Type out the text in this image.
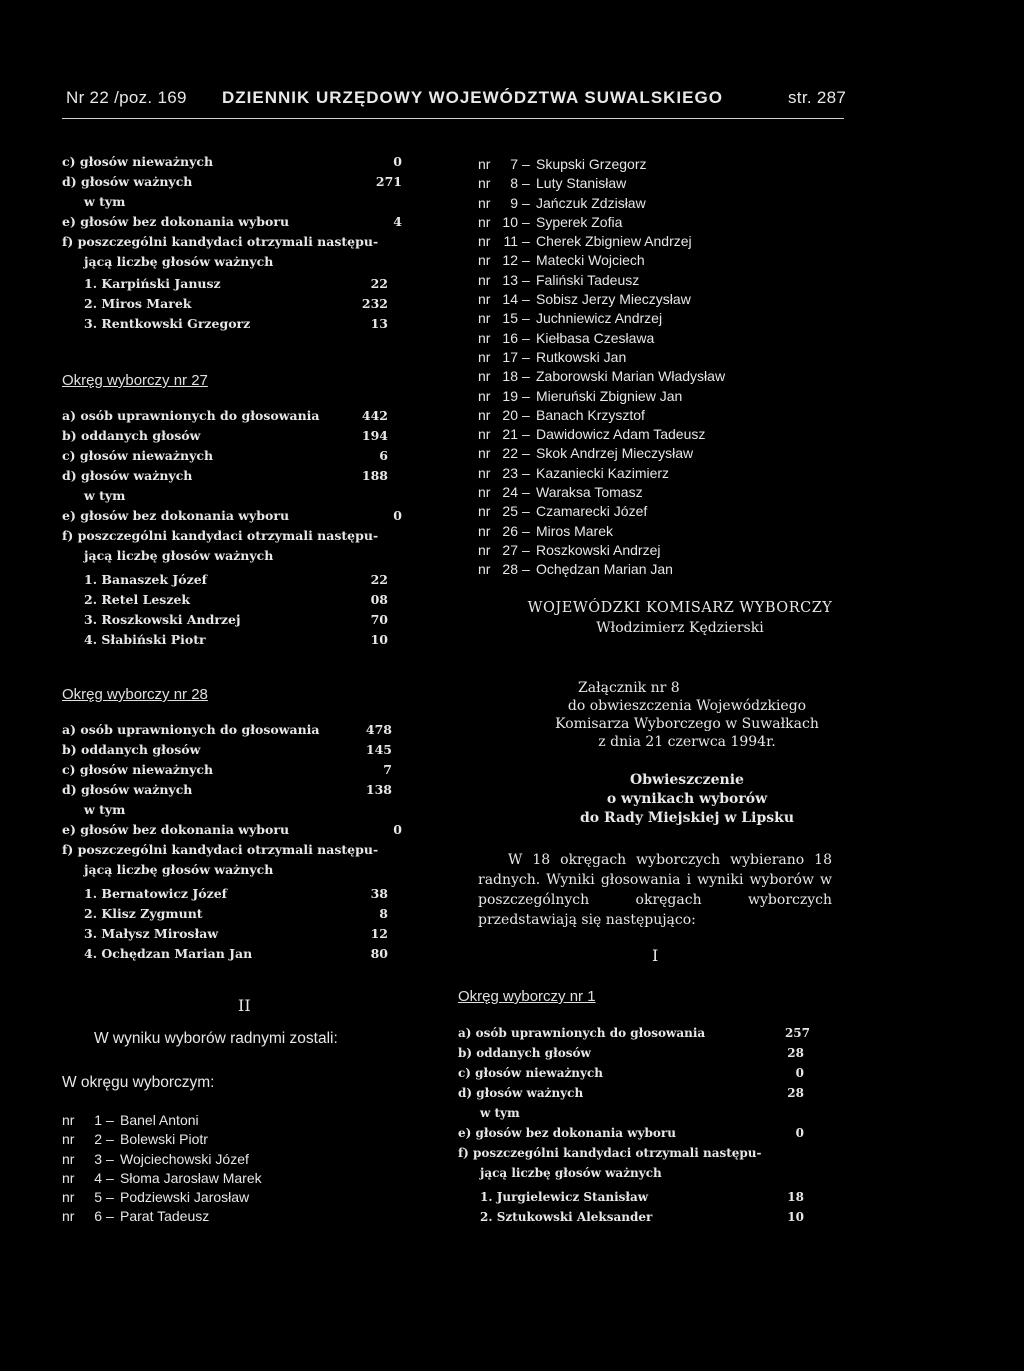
Nr 22 /poz. 169 DZIENNIK URZĘDOWY WOJEWÓDZTWA SUWALSKIEGO	str. 287
c) głosów nieważnych	0
d) głosów ważnych	271
w tym
e) głosów bez dokonania wyboru	4
f) poszczególni kandydaci otrzymali następu-
jącą liczbę głosów ważnych
1. Karpiński Janusz	22
2. Miros Marek	232
3. Rentkowski Grzegorz	13
Okręg wyborczy nr 27
a) osób uprawnionych do głosowania	442
b) oddanych głosów	194
c) głosów nieważnych	6
d) głosów ważnych	188
w tym
e) głosów bez dokonania wyboru	0
f) poszczególni kandydaci otrzymali następu-
jącą liczbę głosów ważnych
1. Banaszek Józef	22
2. Retel Leszek	08
3. Roszkowski Andrzej	70
4. Słabiński Piotr	10
Okręg wyborczy nr 28
a) osób uprawnionych do głosowania	478
b) oddanych głosów	145
c) głosów nieważnych	7
d) głosów ważnych	138
w tym
e) głosów bez dokonania wyboru	0
f) poszczególni kandydaci otrzymali następu-
jącą liczbę głosów ważnych
1. Bernatowicz Józef	38
2. Klisz Zygmunt	8
3. Małysz Mirosław	12
4. Ochędzan Marian Jan	80
II
W wyniku wyborów radnymi zostali:
W okręgu wyborczym:
nr	1 – Banel Antoni
nr	2 – Bolewski Piotr
nr	3 – Wojciechowski Józef
nr	4 – Słoma Jarosław Marek
nr	5 – Podziewski Jarosław
nr	6 – Parat Tadeusz
nr	7 – Skupski Grzegorz
nr	8 – Luty Stanisław
nr	9 – Jańczuk Zdzisław
nr 10 – Syperek Zofia
nr 11 – Cherek Zbigniew Andrzej
nr 12 – Matecki Wojciech
nr 13 – Faliński Tadeusz
nr 14 – Sobisz Jerzy Mieczysław
nr 15 – Juchniewicz Andrzej
nr 16 – Kiełbasa Czesława
nr 17 – Rutkowski Jan
nr 18 – Zaborowski Marian Władysław
nr 19 – Mieruński Zbigniew Jan
nr 20 – Banach Krzysztof
nr 21 – Dawidowicz Adam Tadeusz
nr 22 – Skok Andrzej Mieczysław
nr 23 – Kazaniecki Kazimierz
nr 24 – Waraksa Tomasz
nr 25 – Czamarecki Józef
nr 26 – Miros Marek
nr 27 – Roszkowski Andrzej
nr 28 – Ochędzan Marian Jan
WOJEWÓDZKI KOMISARZ WYBORCZY
Włodzimierz Kędzierski
Załącznik nr 8
do obwieszczenia Wojewódzkiego
Komisarza Wyborczego w Suwałkach
z dnia 21 czerwca 1994r.
Obwieszczenie
o wynikach wyborów
do Rady Miejskiej w Lipsku
W 18 okręgach wyborczych wybierano 18 radnych. Wyniki głosowania i wyniki wyborów w poszczególnych okręgach wyborczych przedstawiają się następująco:
I
Okręg wyborczy nr 1
a) osób uprawnionych do głosowania	257
b) oddanych głosów	28
c) głosów nieważnych	0
d) głosów ważnych	28
w tym
e) głosów bez dokonania wyboru	0
f) poszczególni kandydaci otrzymali następu-
jącą liczbę głosów ważnych
1. Jurgielewicz Stanisław	18
2. Sztukowski Aleksander	10
